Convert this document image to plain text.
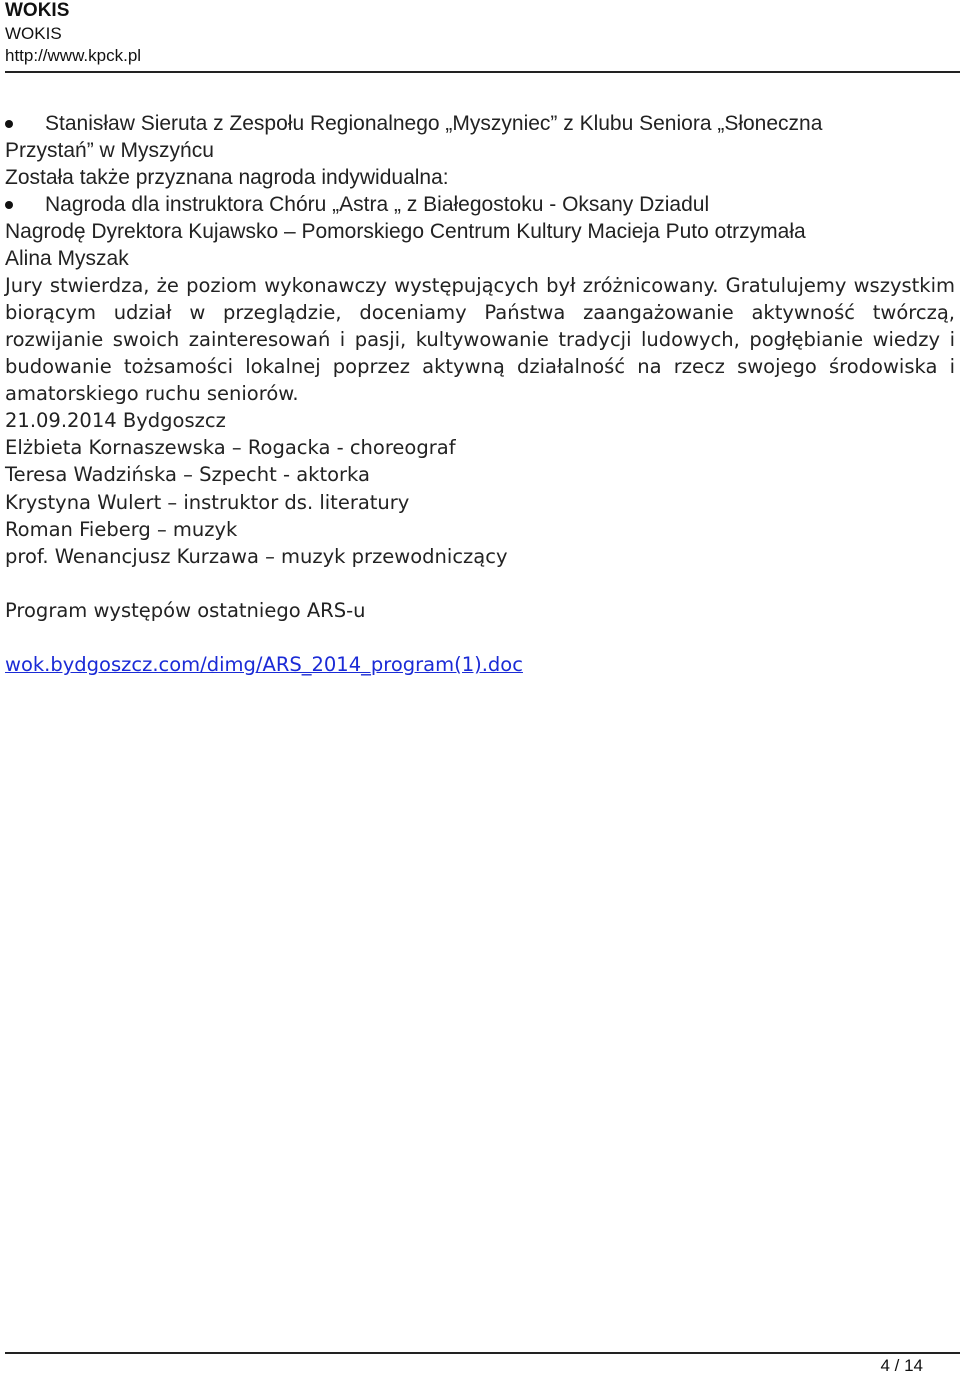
WOKIS
WOKIS
http://www.kpck.pl
Stanisław Sieruta z Zespołu Regionalnego „Myszyniec” z Klubu Seniora „Słoneczna
Przystań” w Myszyńcu
Została także przyznana nagroda indywidualna:
Nagroda dla instruktora Chóru „Astra „ z Białegostoku - Oksany Dziadul
Nagrodę Dyrektora Kujawsko – Pomorskiego Centrum Kultury Macieja Puto otrzymała
Alina Myszak
Jury stwierdza, że poziom wykonawczy występujących był zróżnicowany. Gratulujemy wszystkim biorącym udział w przeglądzie, doceniamy Państwa zaangażowanie aktywność twórczą, rozwijanie swoich zainteresowań i pasji, kultywowanie tradycji ludowych, pogłębianie wiedzy i budowanie tożsamości lokalnej poprzez aktywną działalność na rzecz swojego środowiska i amatorskiego ruchu seniorów.
21.09.2014 Bydgoszcz
Elżbieta Kornaszewska – Rogacka - choreograf
Teresa Wadzińska – Szpecht - aktorka
Krystyna Wulert – instruktor ds. literatury
Roman Fieberg – muzyk
prof. Wenancjusz Kurzawa – muzyk przewodniczący
Program występów ostatniego ARS-u
wok.bydgoszcz.com/dimg/ARS_2014_program(1).doc
4 / 14
